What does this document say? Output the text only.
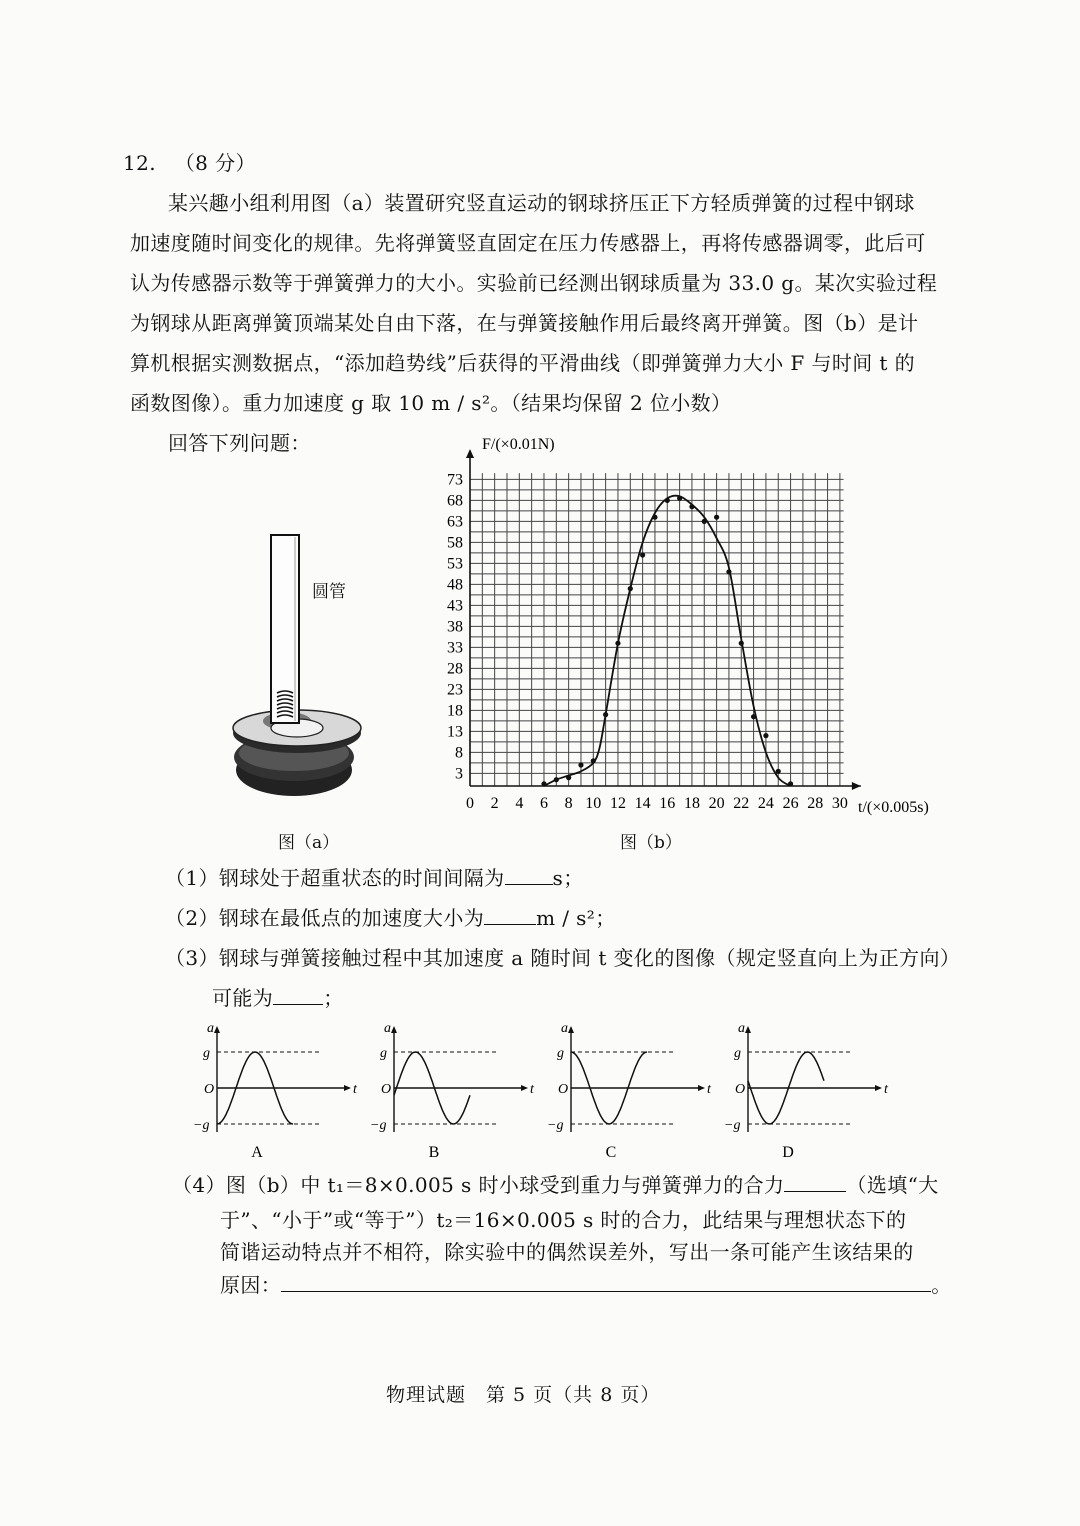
12. （8 分）
某兴趣小组利用图（a）装置研究竖直运动的钢球挤压正下方轻质弹簧的过程中钢球
加速度随时间变化的规律。先将弹簧竖直固定在压力传感器上，再将传感器调零，此后可
认为传感器示数等于弹簧弹力的大小。实验前已经测出钢球质量为 33.0 g。某次实验过程
为钢球从距离弹簧顶端某处自由下落，在与弹簧接触作用后最终离开弹簧。图（b）是计
算机根据实测数据点，“添加趋势线”后获得的平滑曲线（即弹簧弹力大小 F 与时间 t 的
函数图像）。重力加速度 g 取 10 m / s²。（结果均保留 2 位小数）
回答下列问题：
圆管
图（a）
3
8
13
18
23
28
33
38
43
48
53
58
63
68
73
0 2 4 6 8 10 12 14 16 18 20 22 24 26 28 30
F/(×0.01N)
t/(×0.005s)
图（b）
（1）钢球处于超重状态的时间间隔为 s；
（2）钢球在最低点的加速度大小为	m / s²；
（3）钢球与弹簧接触过程中其加速度 a 随时间 t 变化的图像（规定竖直向上为正方向）
可能为	；
a
t
g
−g
O
A
a
t
g
−g
O
B
a
t
g
−g
O
C
a
t
g
−g
O
D
（4）图（b）中 t₁＝8×0.005 s 时小球受到重力与弹簧弹力的合力	（选填“大
于”、“小于”或“等于”）t₂＝16×0.005 s 时的合力，此结果与理想状态下的
简谐运动特点并不相符，除实验中的偶然误差外，写出一条可能产生该结果的
原因：	。
物理试题　第 5 页（共 8 页）
